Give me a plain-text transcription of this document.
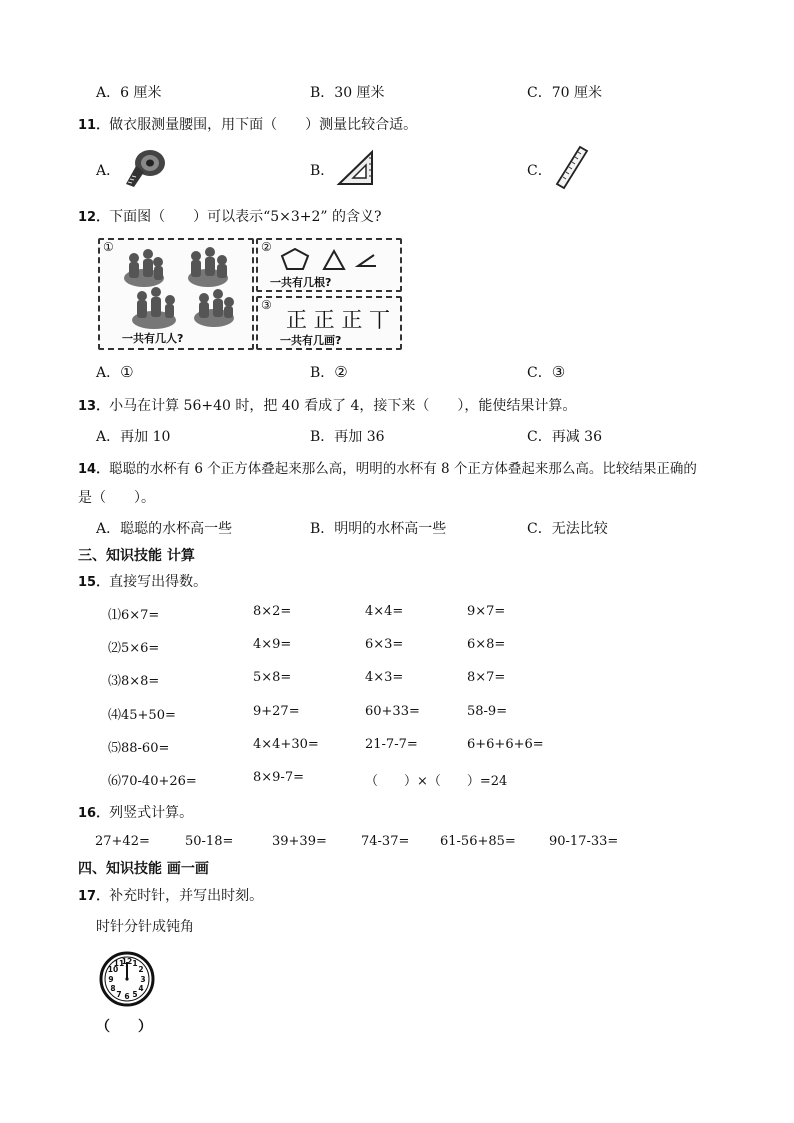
A．6 厘米	B．30 厘米	C．70 厘米
11．做衣服测量腰围，用下面（　　）测量比较合适。
A．	B．	C．
12．下面图（　　）可以表示“5×3+2” 的含义?
①
一共有几人?
②
一共有几根?
③
正 正 正 丅
一共有几画?
A．①	B．②	C．③
13．小马在计算 56+40 时，把 40 看成了 4，接下来（　　），能使结果计算。
A．再加 10	B．再加 36	C．再减 36
14．聪聪的水杯有 6 个正方体叠起来那么高，明明的水杯有 8 个正方体叠起来那么高。比较结果正确的
是（　　）。
A．聪聪的水杯高一些	B．明明的水杯高一些	C．无法比较
三、知识技能 计算
15．直接写出得数。
⑴6×7=	8×2=	4×4=	9×7=
⑵5×6=	4×9=	6×3=	6×8=
⑶8×8=	5×8=	4×3=	8×7=
⑷45+50=	9+27=	60+33=	58-9=
⑸88-60=	4×4+30=	21-7-7=	6+6+6+6=
⑹70-40+26=	8×9-7=	（　　）×（　　）=24
16．列竖式计算。
27+42=	50-18=	39+39=	74-37= 61-56+85=	90-17-33=
四、知识技能 画一画
17．补充时针，并写出时刻。
时针分针成钝角
12 1
2
3
4
5
6
7
8
9
10
11
（　　）
